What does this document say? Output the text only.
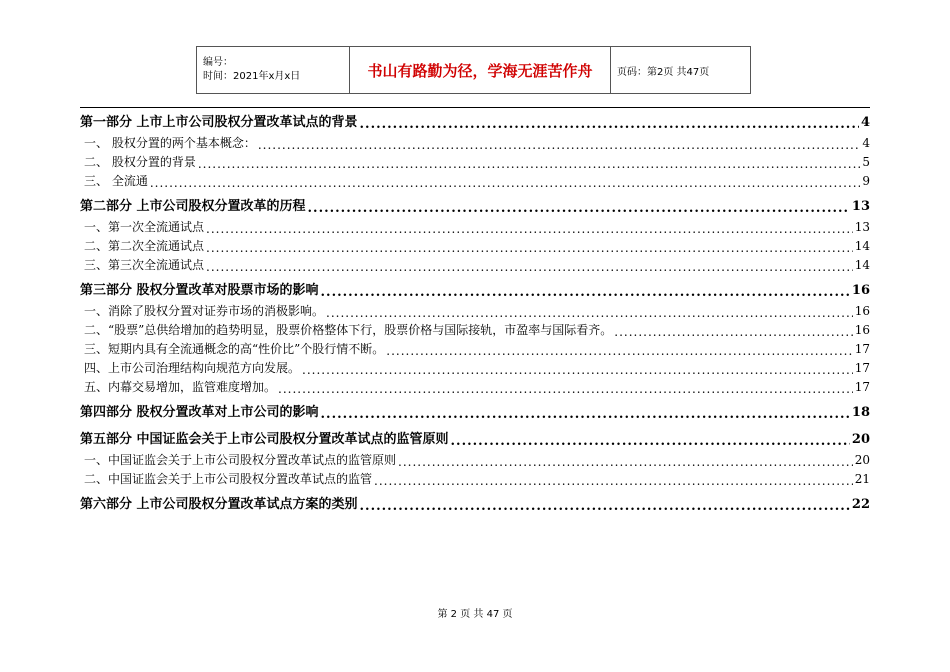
编号：
时间：2021年x月x日	书山有路勤为径，学海无涯苦作舟	页码：第2页 共47页
第一部分 上市上市公司股权分置改革试点的背景 .....	4
一、 股权分置的两个基本概念： .....	4
二、 股权分置的背景 .....	5
三、 全流通 .....	9
第二部分 上市公司股权分置改革的历程 .....	13
一、第一次全流通试点 .....	13
二、第二次全流通试点 .....	14
三、第三次全流通试点 .....	14
第三部分 股权分置改革对股票市场的影响 .....	16
一、消除了股权分置对证券市场的消极影响。 .....	16
二、“股票”总供给增加的趋势明显，股票价格整体下行，股票价格与国际接轨，市盈率与国际看齐。 .....	16
三、短期内具有全流通概念的高“性价比”个股行情不断。 .....	17
四、上市公司治理结构向规范方向发展。 .....	17
五、内幕交易增加，监管难度增加。 .....	17
第四部分 股权分置改革对上市公司的影响 .....	18
第五部分 中国证监会关于上市公司股权分置改革试点的监管原则 .....	20
一、中国证监会关于上市公司股权分置改革试点的监管原则 .....	20
二、中国证监会关于上市公司股权分置改革试点的监管 .....	21
第六部分 上市公司股权分置改革试点方案的类别 .....	22
第 2 页 共 47 页
